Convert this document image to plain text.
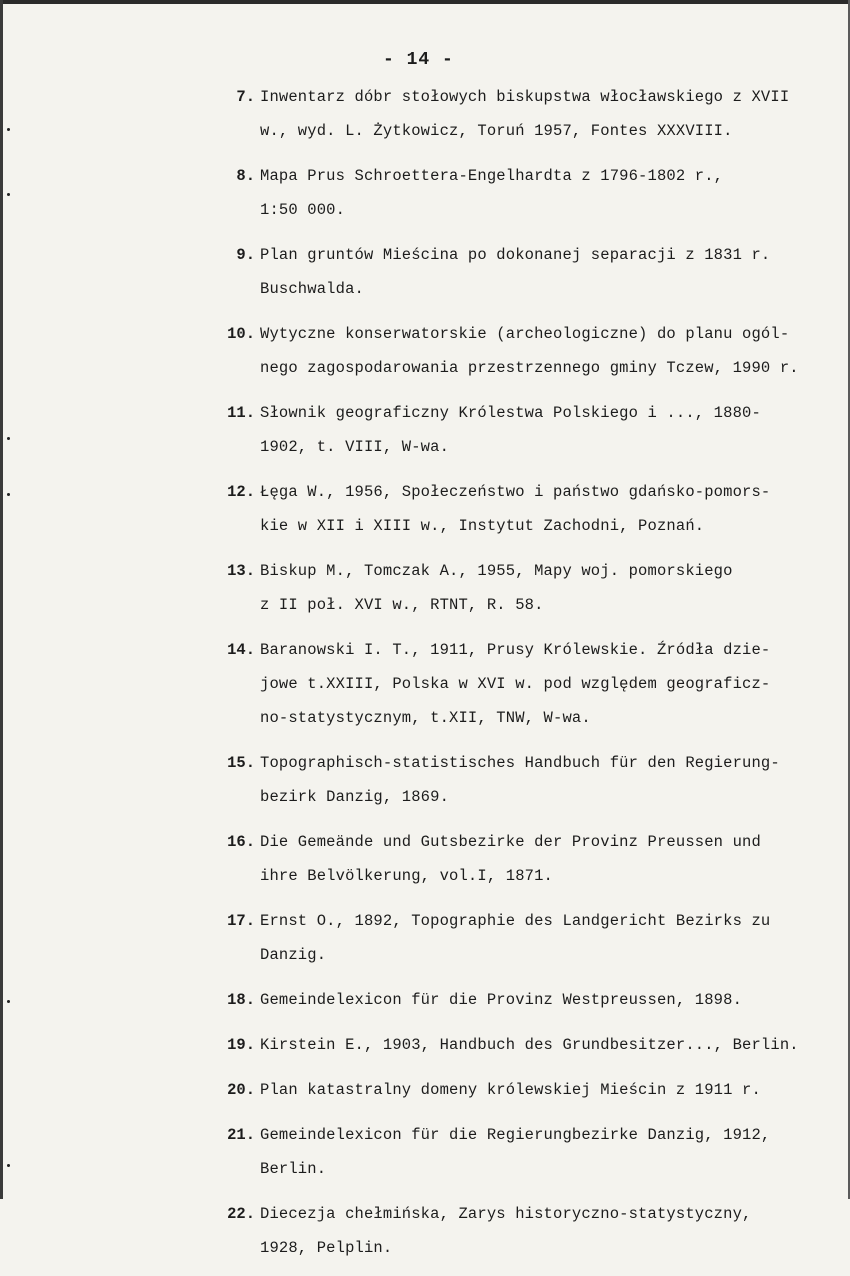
- 14 -
7. Inwentarz dóbr stołowych biskupstwa włocławskiego z XVII
w., wyd. L. Żytkowicz, Toruń 1957, Fontes XXXVIII.
8. Mapa Prus Schroettera-Engelhardta z 1796-1802 r.,
1:50 000.
9. Plan gruntów Mieścina po dokonanej separacji z 1831 r.
Buschwalda.
10. Wytyczne konserwatorskie (archeologiczne) do planu ogól-
nego zagospodarowania przestrzennego gminy Tczew, 1990 r.
11. Słownik geograficzny Królestwa Polskiego i ..., 1880-
1902, t. VIII, W-wa.
12. Łęga W., 1956, Społeczeństwo i państwo gdańsko-pomors-
kie w XII i XIII w., Instytut Zachodni, Poznań.
13. Biskup M., Tomczak A., 1955, Mapy woj. pomorskiego
z II poł. XVI w., RTNT, R. 58.
14. Baranowski I. T., 1911, Prusy Królewskie. Źródła dzie-
jowe t.XXIII, Polska w XVI w. pod względem geograficz-
no-statystycznym, t.XII, TNW, W-wa.
15. Topographisch-statistisches Handbuch für den Regierung-
bezirk Danzig, 1869.
16. Die Gemeände und Gutsbezirke der Provinz Preussen und
ihre Belvölkerung, vol.I, 1871.
17. Ernst O., 1892, Topographie des Landgericht Bezirks zu
Danzig.
18. Gemeindelexicon für die Provinz Westpreussen, 1898.
19. Kirstein E., 1903, Handbuch des Grundbesitzer..., Berlin.
20. Plan katastralny domeny królewskiej Mieścin z 1911 r.
21. Gemeindelexicon für die Regierungbezirke Danzig, 1912,
Berlin.
22. Diecezja chełmińska, Zarys historyczno-statystyczny,
1928, Pelplin.
